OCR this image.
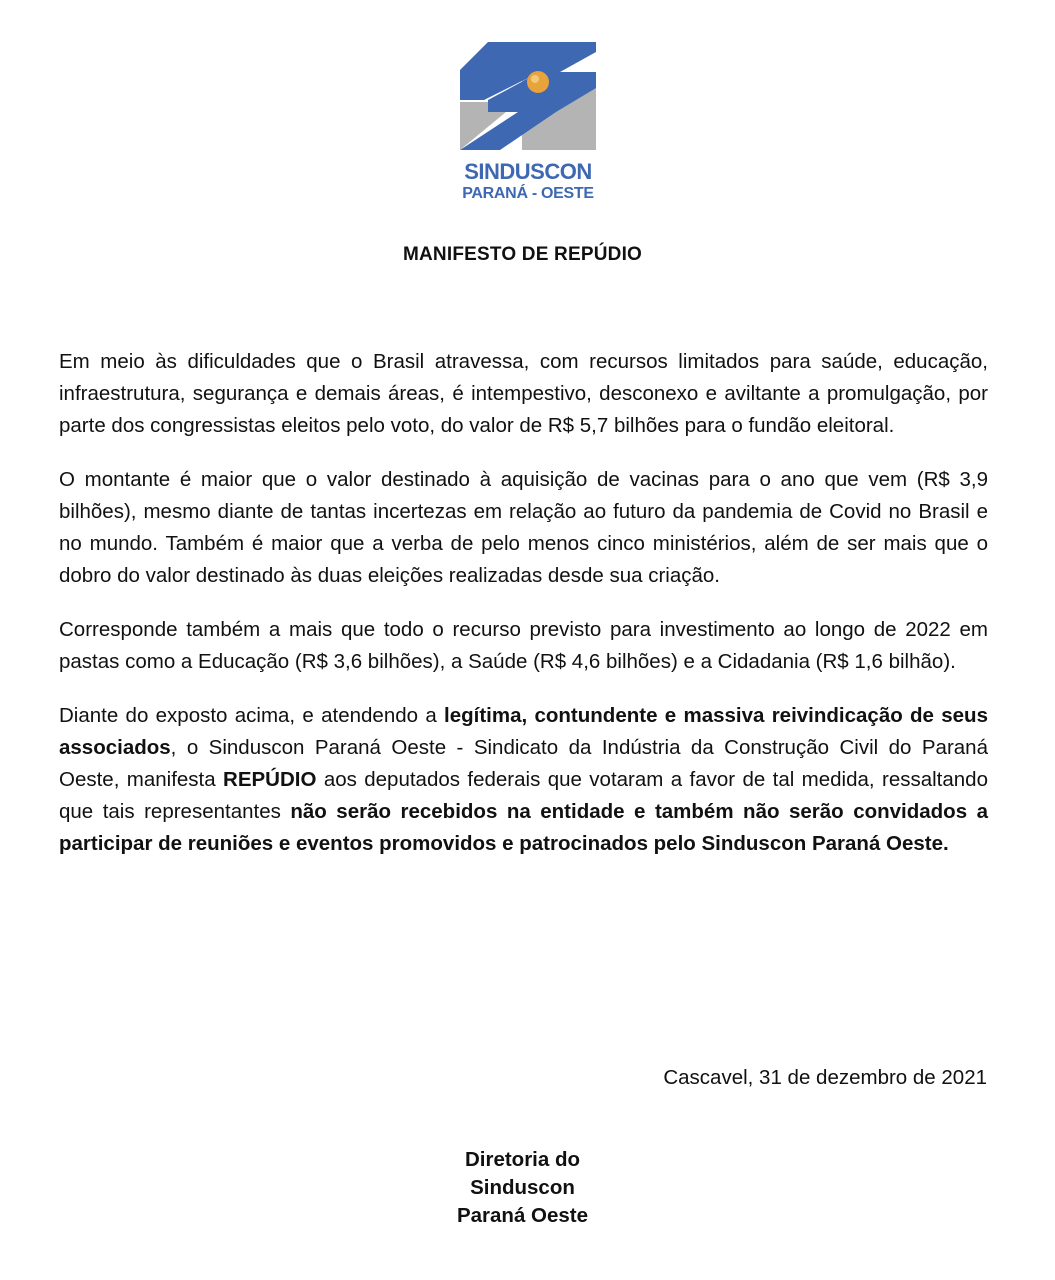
SINDUSCON
PARANÁ - OESTE
MANIFESTO DE REPÚDIO

Em meio às dificuldades que o Brasil atravessa, com recursos limitados para saúde, educação, infraestrutura, segurança e demais áreas, é intempestivo, desconexo e aviltante a promulgação, por parte dos congressistas eleitos pelo voto, do valor de R$ 5,7 bilhões para o fundão eleitoral.

O montante é maior que o valor destinado à aquisição de vacinas para o ano que vem (R$ 3,9 bilhões), mesmo diante de tantas incertezas em relação ao futuro da pandemia de Covid no Brasil e no mundo. Também é maior que a verba de pelo menos cinco ministérios, além de ser mais que o dobro do valor destinado às duas eleições realizadas desde sua criação.

Corresponde também a mais que todo o recurso previsto para investimento ao longo de 2022 em pastas como a Educação (R$ 3,6 bilhões), a Saúde (R$ 4,6 bilhões) e a Cidadania (R$ 1,6 bilhão).

Diante do exposto acima, e atendendo a legítima, contundente e massiva reivindicação de seus associados, o Sinduscon Paraná Oeste - Sindicato da Indústria da Construção Civil do Paraná Oeste, manifesta REPÚDIO aos deputados federais que votaram a favor de tal medida, ressaltando que tais representantes não serão recebidos na entidade e também não serão convidados a participar de reuniões e eventos promovidos e patrocinados pelo Sinduscon Paraná Oeste.

Cascavel, 31 de dezembro de 2021
Diretoria do
Sinduscon
Paraná Oeste
